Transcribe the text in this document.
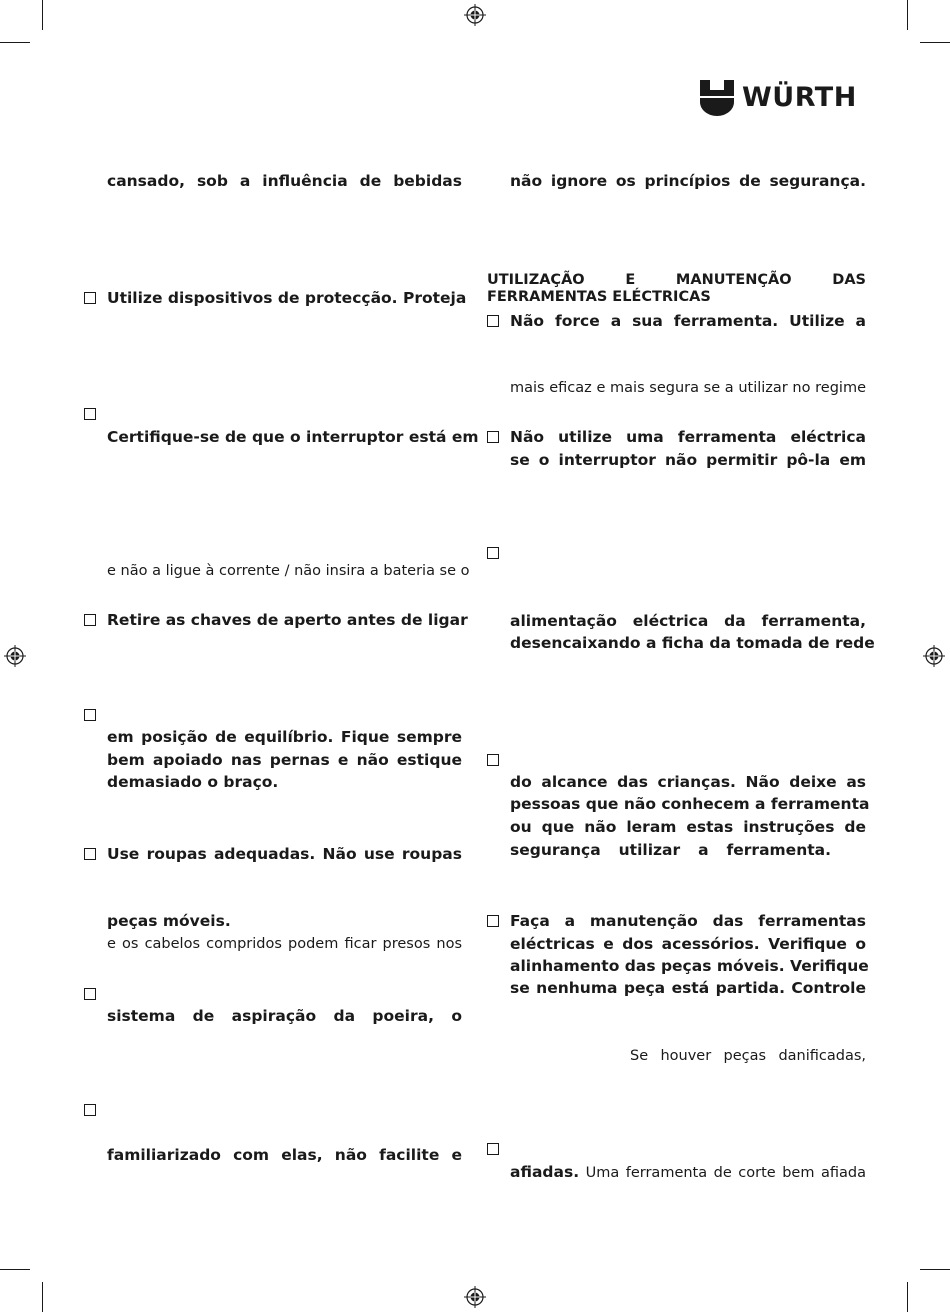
WÜRTH
cansado, sob a influência de bebidas
Utilize dispositivos de protecção. Proteja
Certifique-se de que o interruptor está em
e não a ligue à corrente / não insira a bateria se o
Retire as chaves de aperto antes de ligar
em posição de equilíbrio. Fique sempre
bem apoiado nas pernas e não estique
demasiado o braço.
Use roupas adequadas. Não use roupas
peças móveis.
e os cabelos compridos podem ficar presos nos
sistema de aspiração da poeira, o
familiarizado com elas, não facilite e
não ignore os princípios de segurança.
UTILIZAÇÃO E MANUTENÇÃO DAS
FERRAMENTAS ELÉCTRICAS
Não force a sua ferramenta. Utilize a
mais eficaz e mais segura se a utilizar no regime
Não utilize uma ferramenta eléctrica
se o interruptor não permitir pô-la em
alimentação eléctrica da ferramenta,
desencaixando a ficha da tomada de rede
do alcance das crianças. Não deixe as
pessoas que não conhecem a ferramenta
ou que não leram estas instruções de
segurança utilizar a ferramenta.
Faça a manutenção das ferramentas
eléctricas e dos acessórios. Verifique o
alinhamento das peças móveis. Verifique
se nenhuma peça está partida. Controle
Se houver peças danificadas,
afiadas. Uma ferramenta de corte bem afiada
